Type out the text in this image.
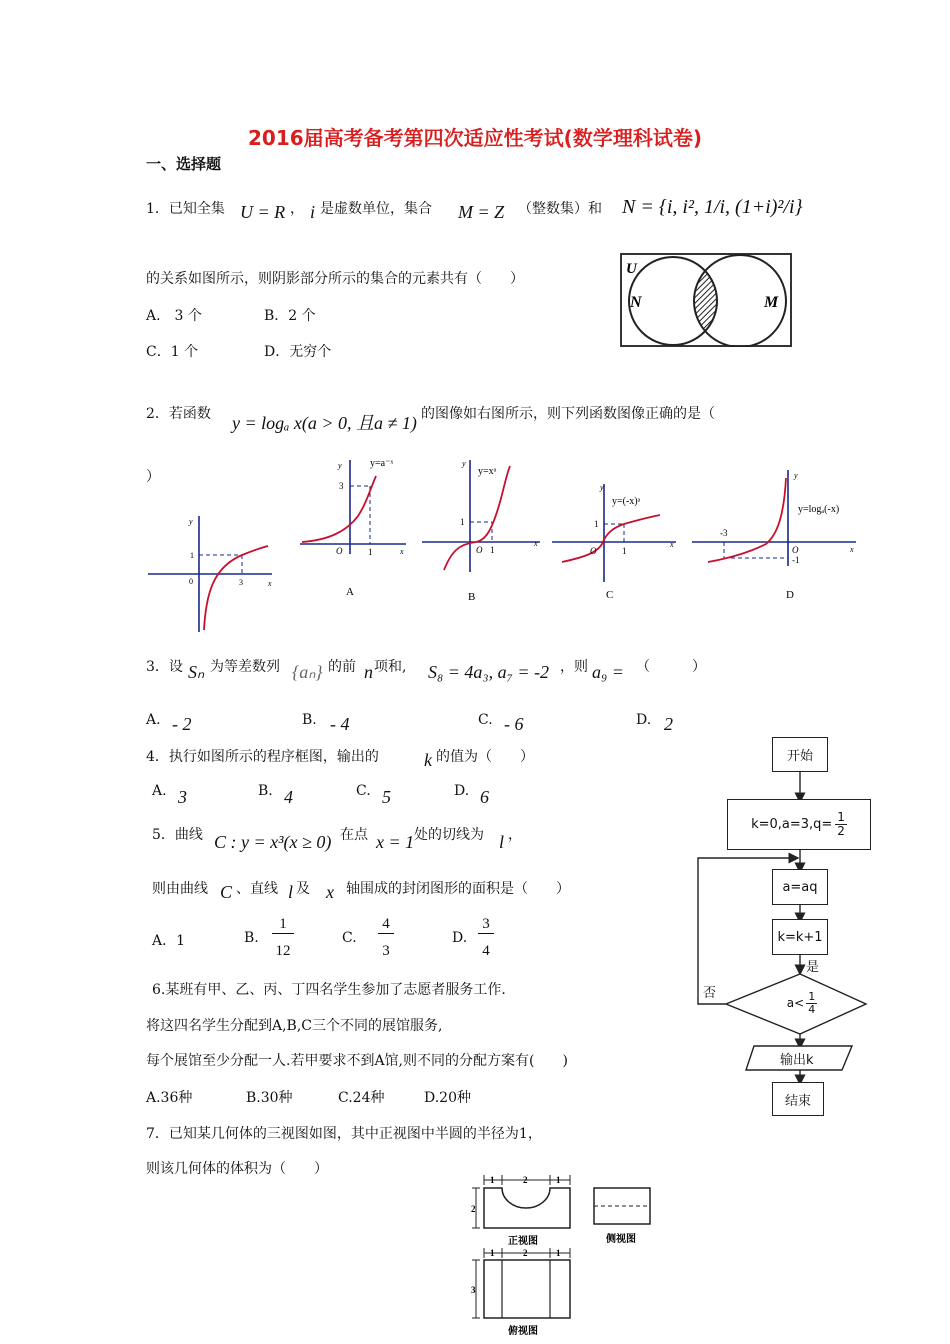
2016届高考备考第四次适应性考试(数学理科试卷)
一、选择题
1．已知全集 U = R ， i 是虚数单位，集合 M = Z （整数集）和 N = {i, i², 1/i, (1+i)²/i}
的关系如图所示，则阴影部分所示的集合的元素共有（　　）
A.　3 个	B．2 个
C．1 个	D．无穷个
U
N	M
2．若函数 y = logₐ x(a > 0, 且a ≠ 1) 的图像如右图所示，则下列函数图像正确的是（
）
y
x
0
1
3
y=a⁻ˣ
y
x
O	1
3
A
y=xᵃ
y
x
O 1
1
B
y=(-x)ᵃ
y
x
O	1
1
C
y=logₐ(-x)
y
x
O
-3
-1
D
3．设 Sₙ 为等差数列 {aₙ} 的前 n 项和, S₈ = 4a₃, a₇ = -2 ，则 a₉ = （　　　）
A. - 2	B. - 4	C. - 6	D. 2
4．执行如图所示的程序框图，输出的	k 的值为（　　）
A. 3	B. 4	C. 5	D. 6
5．曲线 C : y = x³(x ≥ 0) 在点 x = 1 处的切线为 l ，
则由曲线 C 、直线 l 及 x 轴围成的封闭图形的面积是（　　）
A．1	B.
1
12
C.
4
3
D.
3
4
6.某班有甲、乙、丙、丁四名学生参加了志愿者服务工作.
将这四名学生分配到A,B,C三个不同的展馆服务,
每个展馆至少分配一人.若甲要求不到A馆,则不同的分配方案有(　　)
A.36种	B.30种	C.24种	D.20种
7．已知某几何体的三视图如图，其中正视图中半圆的半径为1，
则该几何体的体积为（　　）
1	2	1
2
正视图	侧视图
1	2	1
3
俯视图
开始
$k=0,a=3,q= \frac{1}{2}$
a=aq
k=k+1
是
否
$a< \frac{1}{4}$
输出k
结束
